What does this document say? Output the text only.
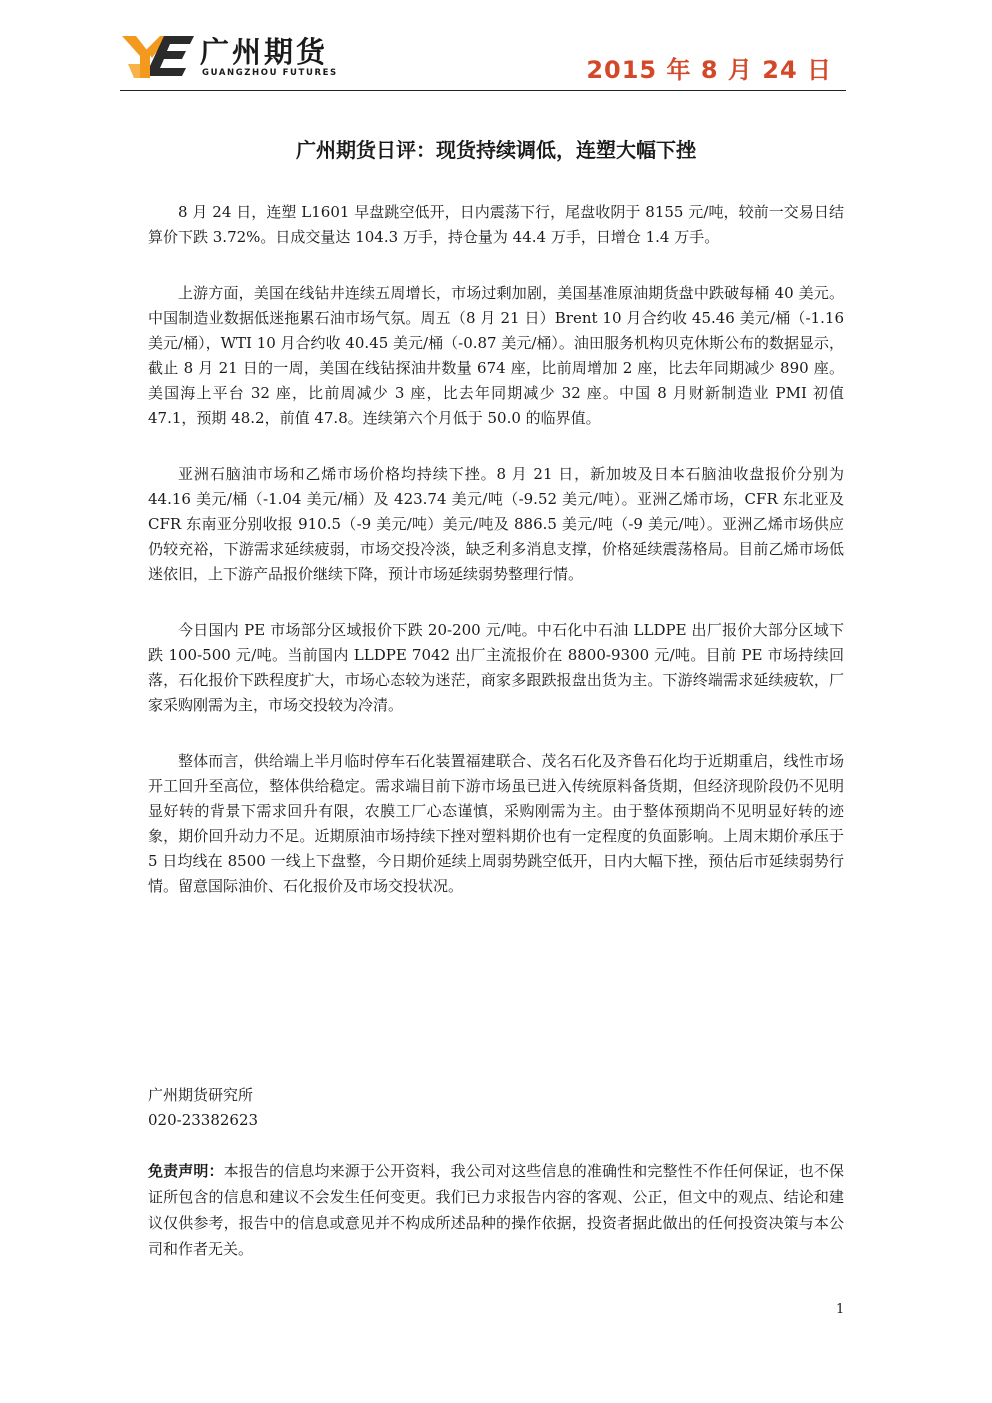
广州期货
GUANGZHOU FUTURES	2015 年 8 月 24 日
广州期货日评：现货持续调低，连塑大幅下挫

8 月 24 日，连塑 L1601 早盘跳空低开，日内震荡下行，尾盘收阴于 8155 元/吨，较前一交易日结算价下跌 3.72%。日成交量达 104.3 万手，持仓量为 44.4 万手，日增仓 1.4 万手。

上游方面，美国在线钻井连续五周增长，市场过剩加剧，美国基准原油期货盘中跌破每桶 40 美元。中国制造业数据低迷拖累石油市场气氛。周五（8 月 21 日）Brent 10 月合约收 45.46 美元/桶（-1.16 美元/桶），WTI 10 月合约收 40.45 美元/桶（-0.87 美元/桶）。油田服务机构贝克休斯公布的数据显示，截止 8 月 21 日的一周，美国在线钻探油井数量 674 座，比前周增加 2 座，比去年同期减少 890 座。美国海上平台 32 座，比前周减少 3 座，比去年同期减少 32 座。中国 8 月财新制造业 PMI 初值 47.1，预期 48.2，前值 47.8。连续第六个月低于 50.0 的临界值。

亚洲石脑油市场和乙烯市场价格均持续下挫。8 月 21 日，新加坡及日本石脑油收盘报价分别为 44.16 美元/桶（-1.04 美元/桶）及 423.74 美元/吨（-9.52 美元/吨）。亚洲乙烯市场，CFR 东北亚及 CFR 东南亚分别收报 910.5（-9 美元/吨）美元/吨及 886.5 美元/吨（-9 美元/吨）。亚洲乙烯市场供应仍较充裕，下游需求延续疲弱，市场交投冷淡，缺乏利多消息支撑，价格延续震荡格局。目前乙烯市场低迷依旧，上下游产品报价继续下降，预计市场延续弱势整理行情。

今日国内 PE 市场部分区域报价下跌 20-200 元/吨。中石化中石油 LLDPE 出厂报价大部分区域下跌 100-500 元/吨。当前国内 LLDPE 7042 出厂主流报价在 8800-9300 元/吨。目前 PE 市场持续回落，石化报价下跌程度扩大，市场心态较为迷茫，商家多跟跌报盘出货为主。下游终端需求延续疲软，厂家采购刚需为主，市场交投较为冷清。

整体而言，供给端上半月临时停车石化装置福建联合、茂名石化及齐鲁石化均于近期重启，线性市场开工回升至高位，整体供给稳定。需求端目前下游市场虽已进入传统原料备货期，但经济现阶段仍不见明显好转的背景下需求回升有限，农膜工厂心态谨慎，采购刚需为主。由于整体预期尚不见明显好转的迹象，期价回升动力不足。近期原油市场持续下挫对塑料期价也有一定程度的负面影响。上周末期价承压于 5 日均线在 8500 一线上下盘整，今日期价延续上周弱势跳空低开，日内大幅下挫，预估后市延续弱势行情。留意国际油价、石化报价及市场交投状况。

广州期货研究所
020-23382623
免责声明：本报告的信息均来源于公开资料，我公司对这些信息的准确性和完整性不作任何保证，也不保证所包含的信息和建议不会发生任何变更。我们已力求报告内容的客观、公正，但文中的观点、结论和建议仅供参考，报告中的信息或意见并不构成所述品种的操作依据，投资者据此做出的任何投资决策与本公司和作者无关。
1
